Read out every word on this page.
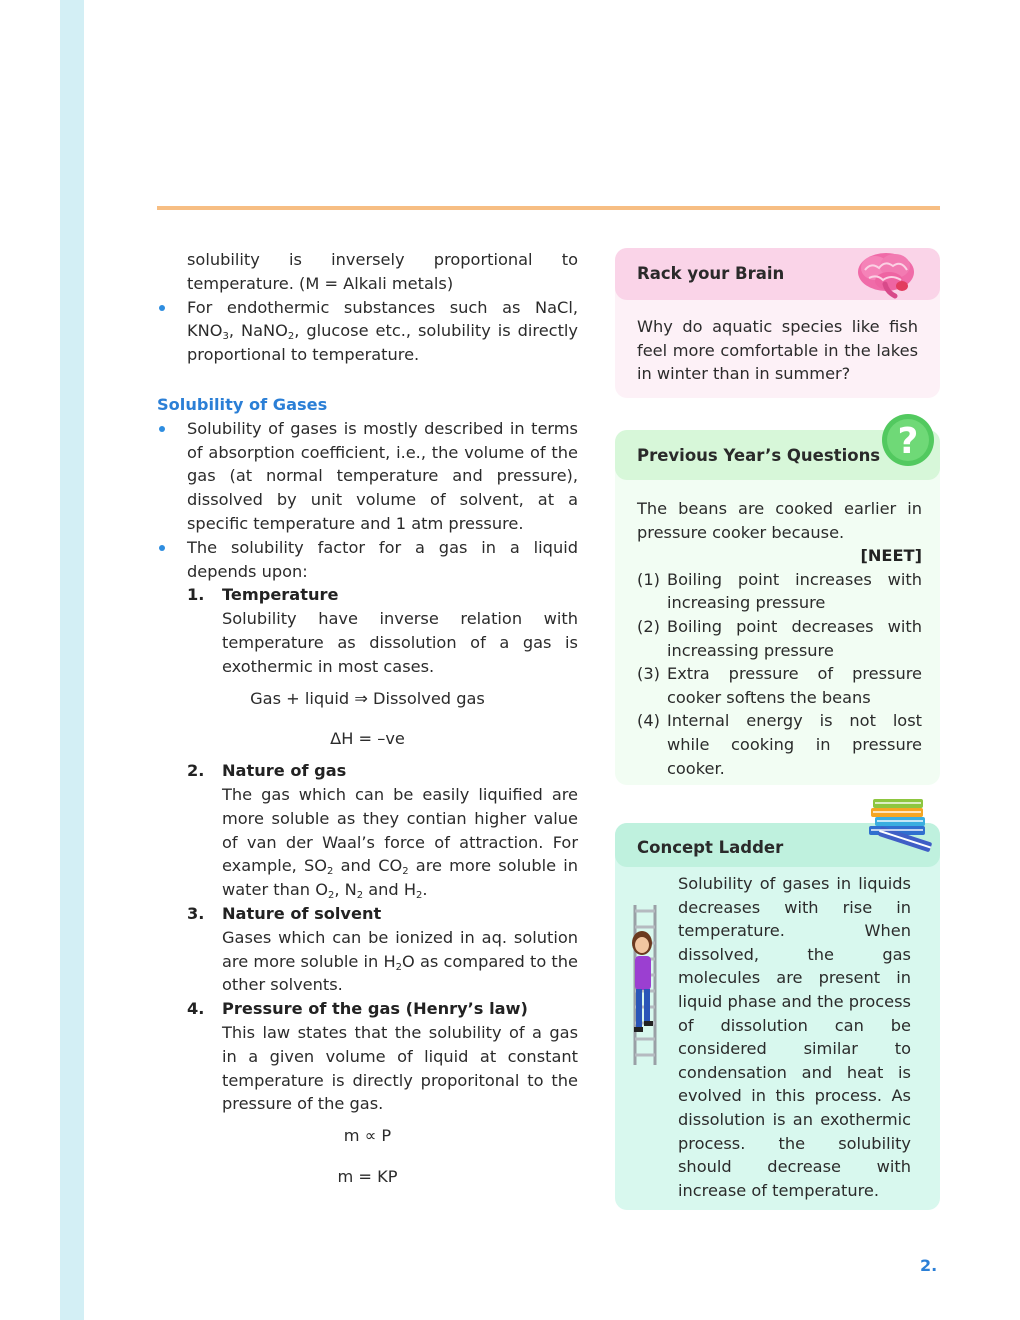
solubility is inversely proportional to temperature. (M = Alkali metals)

For endothermic substances such as NaCl, $KNO_3$, NaNO$_2$, glucose etc., solubility is directly proportional to temperature.

Solubility of Gases

Solubility of gases is mostly described in terms of absorption coefficient, i.e., the volume of the gas (at normal temperature and pressure), dissolved by unit volume of solvent, at a specific temperature and 1 atm pressure.

The solubility factor for a gas in a liquid depends upon:

1. Temperature

Solubility have inverse relation with temperature as dissolution of a gas is exothermic in most cases.

Gas + liquid ⇒ Dissolved gas

ΔH = –ve

2. Nature of gas

The gas which can be easily liquified are more soluble as they contian higher value of van der Waal’s force of attraction. For example, $SO_2$ and $CO_2$ are more soluble in water than $O_2$, $N_2$ and $H_2$.

3. Nature of solvent

Gases which can be ionized in aq. solution are more soluble in $H_2O$ as compared to the other solvents.

4. Pressure of the gas (Henry’s law)

This law states that the solubility of a gas in a given volume of liquid at constant temperature is directly proporitonal to the pressure of the gas.

m ∝ P

m = KP

Rack your Brain
Why do aquatic species like fish feel more comfortable in the lakes in winter than in summer?
Previous Year’s Questions ?
The beans are cooked earlier in pressure cooker because.
[NEET]
(1) Boiling point increases with increasing pressure
(2) Boiling point decreases with increassing pressure
(3) Extra pressure of pressure cooker softens the beans
(4) Internal energy is not lost while cooking in pressure cooker.
Concept Ladder
Solubility of gases in liquids decreases with rise in temperature. When dissolved, the gas molecules are present in liquid phase and the process of dissolution can be considered similar to condensation and heat is evolved in this process. As dissolution is an exothermic process. the solubility should decrease with increase of temperature.
2.
